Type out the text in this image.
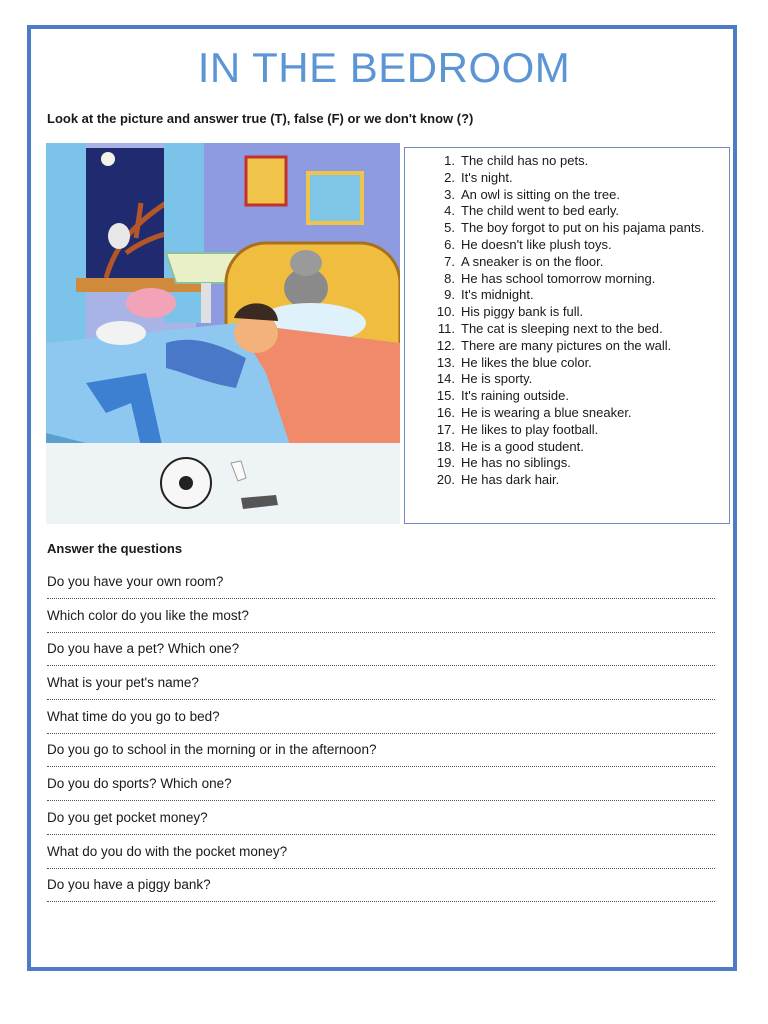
IN THE BEDROOM
Look at the picture and answer true (T), false (F) or we don't know (?)
1. The child has no pets.
2. It's night.
3. An owl is sitting on the tree.
4. The child went to bed early.
5. The boy forgot to put on his pajama pants.
6. He doesn't like plush toys.
7. A sneaker is on the floor.
8. He has school tomorrow morning.
9. It's midnight.
10. His piggy bank is full.
11. The cat is sleeping next to the bed.
12. There are many pictures on the wall.
13. He likes the blue color.
14. He is sporty.
15. It's raining outside.
16. He is wearing a blue sneaker.
17. He likes to play football.
18. He is a good student.
19. He has no siblings.
20. He has dark hair.
Answer the questions
Do you have your own room?
Which color do you like the most?
Do you have a pet? Which one?
What is your pet's name?
What time do you go to bed?
Do you go to school in the morning or in the afternoon?
Do you do sports? Which one?
Do you get pocket money?
What do you do with the pocket money?
Do you have a piggy bank?
